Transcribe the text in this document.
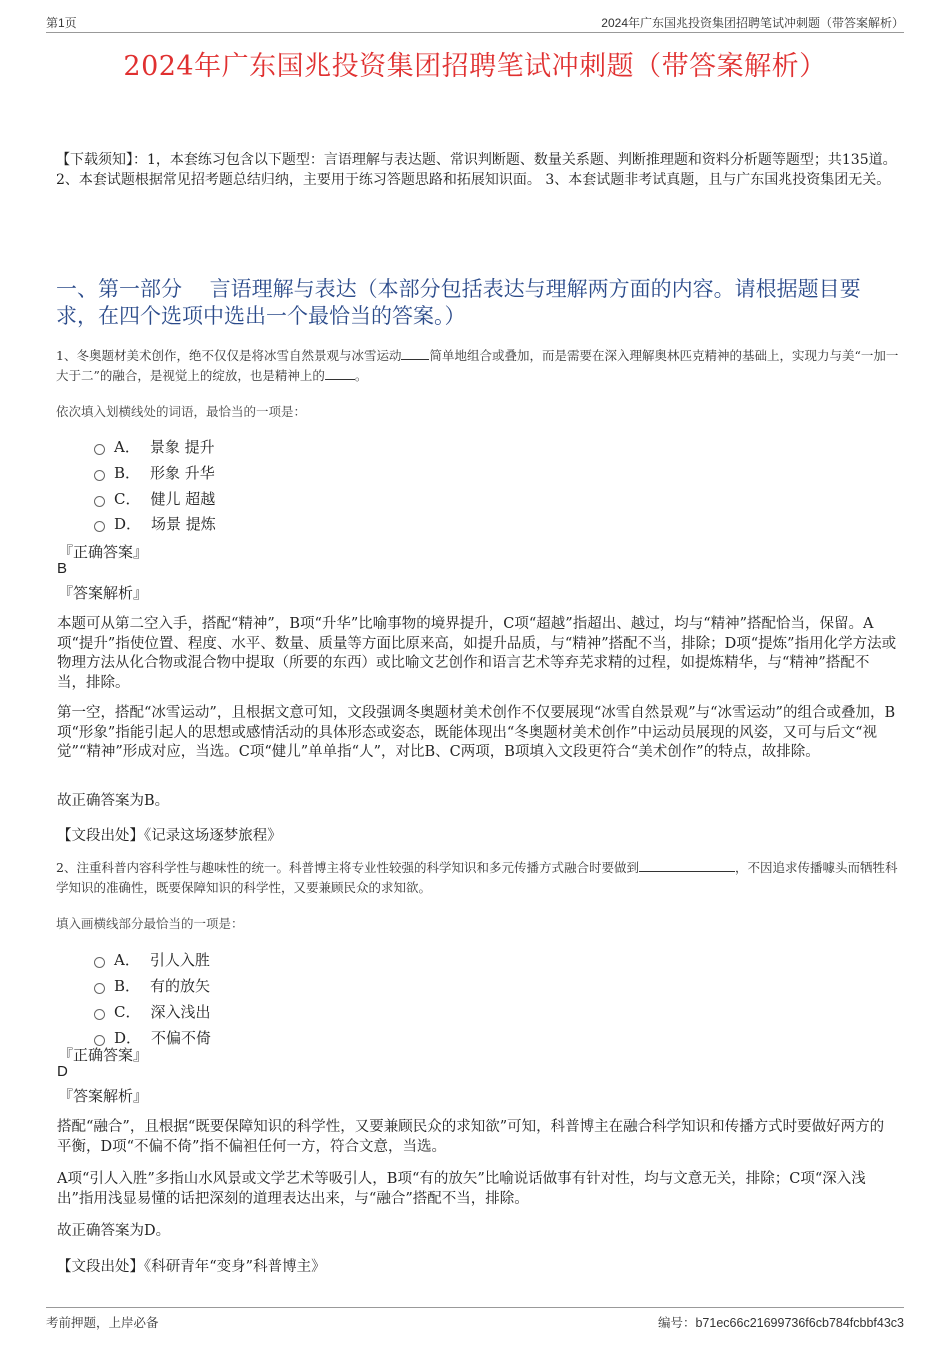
第1页	2024年广东国兆投资集团招聘笔试冲刺题（带答案解析）
2024年广东国兆投资集团招聘笔试冲刺题（带答案解析）
【下载须知】：1，本套练习包含以下题型：言语理解与表达题、常识判断题、数量关系题、判断推理题和资料分析题等题型；共135道。 2、本套试题根据常见招考题总结归纳，主要用于练习答题思路和拓展知识面。 3、本套试题非考试真题，且与广东国兆投资集团无关。
一、第一部分　 言语理解与表达（本部分包括表达与理解两方面的内容。请根据题目要求，在四个选项中选出一个最恰当的答案。）
1、冬奥题材美术创作，绝不仅仅是将冰雪自然景观与冰雪运动 简单地组合或叠加，而是需要在深入理解奥林匹克精神的基础上，实现力与美“一加一大于二”的融合，是视觉上的绽放，也是精神上的 。
依次填入划横线处的词语，最恰当的一项是：
A． 景象 提升
B． 形象 升华
C． 健儿 超越
D． 场景 提炼
『正确答案』
B
『答案解析』
本题可从第二空入手，搭配“精神”，B项“升华”比喻事物的境界提升，C项“超越”指超出、越过，均与“精神”搭配恰当，保留。A项“提升”指使位置、程度、水平、数量、质量等方面比原来高，如提升品质，与“精神”搭配不当，排除；D项“提炼”指用化学方法或物理方法从化合物或混合物中提取（所要的东西）或比喻文艺创作和语言艺术等弃芜求精的过程，如提炼精华，与“精神”搭配不当，排除。
第一空，搭配“冰雪运动”，且根据文意可知，文段强调冬奥题材美术创作不仅要展现“冰雪自然景观”与“冰雪运动”的组合或叠加，B项“形象”指能引起人的思想或感情活动的具体形态或姿态，既能体现出“冬奥题材美术创作”中运动员展现的风姿，又可与后文“视觉”“精神”形成对应，当选。C项“健儿”单单指“人”，对比B、C两项，B项填入文段更符合“美术创作”的特点，故排除。
故正确答案为B。
【文段出处】《记录这场逐梦旅程》
2、注重科普内容科学性与趣味性的统一。科普博主将专业性较强的科学知识和多元传播方式融合时要做到	，不因追求传播噱头而牺牲科学知识的准确性，既要保障知识的科学性，又要兼顾民众的求知欲。
填入画横线部分最恰当的一项是：
A． 引人入胜
B． 有的放矢
C． 深入浅出
D． 不偏不倚
『正确答案』
D
『答案解析』
搭配“融合”，且根据“既要保障知识的科学性，又要兼顾民众的求知欲”可知，科普博主在融合科学知识和传播方式时要做好两方的平衡，D项“不偏不倚”指不偏袒任何一方，符合文意，当选。
A项“引人入胜”多指山水风景或文学艺术等吸引人，B项“有的放矢”比喻说话做事有针对性，均与文意无关，排除；C项“深入浅出”指用浅显易懂的话把深刻的道理表达出来，与“融合”搭配不当，排除。
故正确答案为D。
【文段出处】《科研青年“变身”科普博主》
考前押题，上岸必备	编号：b71ec66c21699736f6cb784fcbbf43c3
